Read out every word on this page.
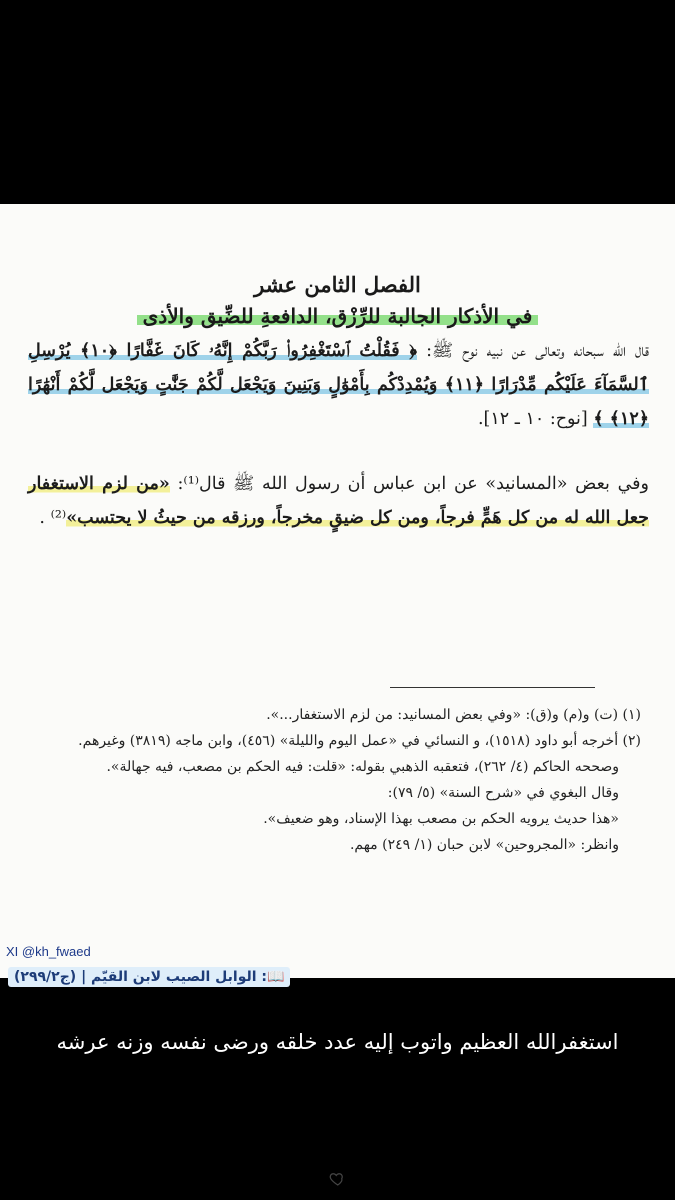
الفصل الثامن عشر
في الأذكار الجالبة للرِّزْق، الدافعةِ للضِّيق والأذى
قال الله سبحانه وتعالى عن نبيه نوح ﷺ: ﴿ فَقُلْتُ ٱسْتَغْفِرُوا۟ رَبَّكُمْ إِنَّهُۥ كَانَ غَفَّارًا ﴿١٠﴾ يُرْسِلِ ٱلسَّمَآءَ عَلَيْكُم مِّدْرَارًا ﴿١١﴾ وَيُمْدِدْكُم بِأَمْوَٰلٍ وَبَنِينَ وَيَجْعَل لَّكُمْ جَنَّٰتٍ وَيَجْعَل لَّكُمْ أَنْهَٰرًا ﴿١٢﴾ ﴾ [نوح: ١٠ ـ ١٢].
وفي بعض «المسانيد» عن ابن عباس أن رسول الله ﷺ قال⁽¹⁾: «من لزم الاستغفار جعل الله له من كل هَمٍّ فرجاً، ومن كل ضيقٍ مخرجاً، ورزقه من حيثُ لا يحتسب»⁽²⁾ .

(١) (ت) و(م) و(ق): «وفي بعض المسانيد: من لزم الاستغفار...».

(٢) أخرجه أبو داود (١٥١٨)، و النسائي في «عمل اليوم والليلة» (٤٥٦)، وابن ماجه (٣٨١٩) وغيرهم.

وصححه الحاكم (٤/ ٢٦٢)، فتعقبه الذهبي بقوله: «قلت: فيه الحكم بن مصعب، فيه جهالة».

وقال البغوي في «شرح السنة» (٥/ ٧٩):

«هذا حديث يرويه الحكم بن مصعب بهذا الإسناد، وهو ضعيف».

وانظر: «المجروحين» لابن حبان (١/ ٢٤٩) مهم.

XI @kh_fwaed
📖: الوابل الصيب لابن القيّم | (ج٢٩٩/٢)
استغفرالله العظيم واتوب إليه عدد خلقه ورضى نفسه وزنه عرشه
